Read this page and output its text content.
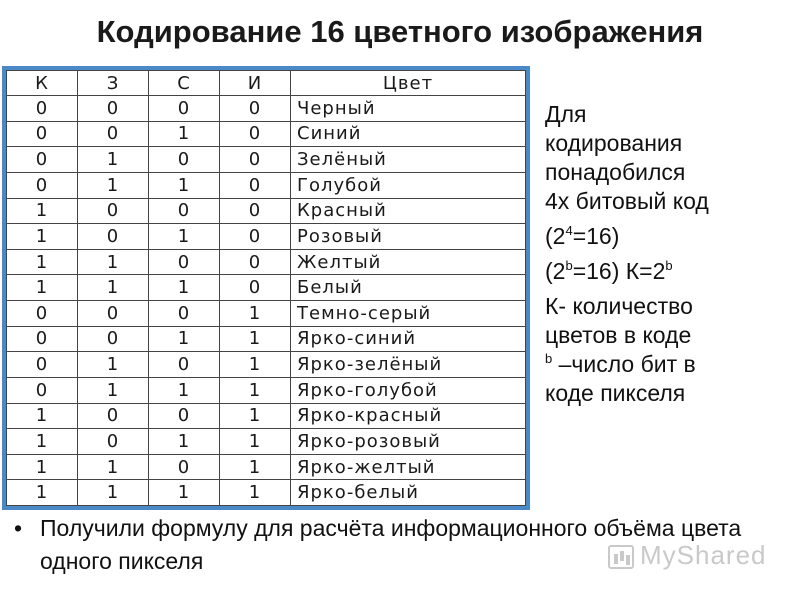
Кодирование 16 цветного изображения
К	З	С	И	Цвет
0	0	0	0	Черный
0	0	1	0	Синий
0	1	0	0	Зелёный
0	1	1	0	Голубой
1	0	0	0	Красный
1	0	1	0	Розовый
1	1	0	0	Желтый
1	1	1	0	Белый
0	0	0	1	Темно-серый
0	0	1	1	Ярко-синий
0	1	0	1	Ярко-зелёный
0	1	1	1	Ярко-голубой
1	0	0	1	Ярко-красный
1	0	1	1	Ярко-розовый
1	1	0	1	Ярко-желтый
1	1	1	1	Ярко-белый

Для

кодирования

понадобился

4х битовый код

$(2^4=16)$

$(2^b=16)$ $К=2^b$

К- количество

цветов в коде

$^b$ –число бит в

коде пикселя

• Получили формулу для расчёта информационного объёма цвета одного пикселя	MyShared
